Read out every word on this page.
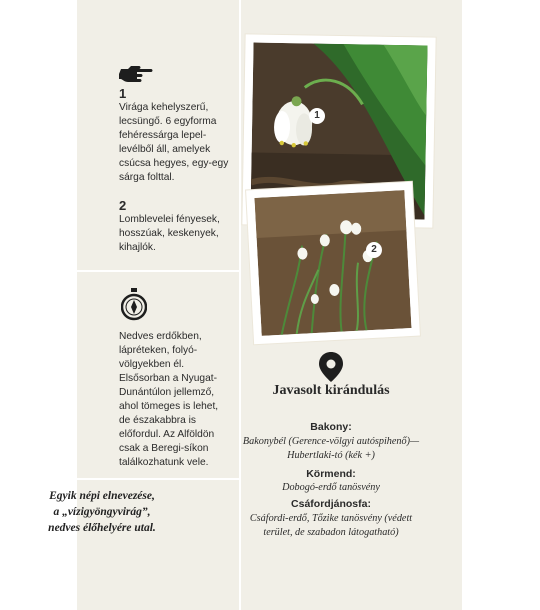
1
Virága kehelyszerű, lecsüngő. 6 egyforma fehéressárga lepel-levélből áll, amelyek csúcsa hegyes, egy-egy sárga folttal.
2
Lomblevelei fényesek, hosszúak, keskenyek, kihajlók.
Nedves erdőkben, lápréteken, folyó-völgyekben él. Elsősorban a Nyugat-Dunántúlon jellemző, ahol tömeges is lehet, de északabbra is előfordul. Az Alföldön csak a Beregi-síkon találkozhatunk vele.
Egyik népi elnevezése, a „vízigyöngyvirág”, nedves élőhelyére utal.
1
2
Javasolt kirándulás
Bakony:
Bakonybél (Gerence-völgyi autóspihenő)—Hubertlaki-tó (kék +)
Körmend:
Dobogó-erdő tanösvény
Csáfordjánosfa:
Csáfordi-erdő, Tőzike tanösvény (védett terület, de szabadon látogatható)
